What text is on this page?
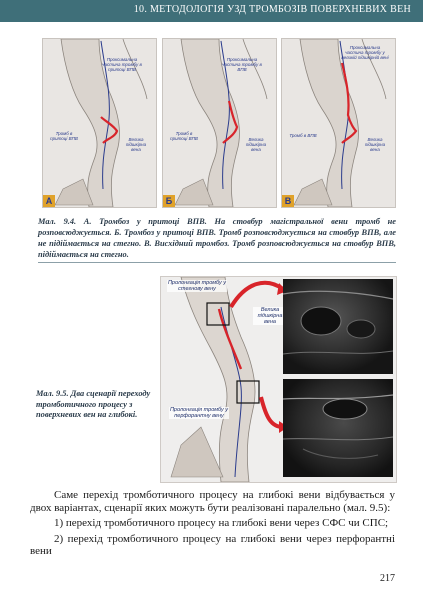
10. МЕТОДОЛОГІЯ УЗД ТРОМБОЗІВ ПОВЕРХНЕВИХ ВЕН
Проксимальна частина тромбу в притоці ВПВ
Тромб в притоці ВПВ	Велика підшкірна вена
А
Проксимальна частина тромбу в ВПВ
Тромб в притоці ВПВ	Велика підшкірна вена
Б
Проксимальна частина тромбу у великій підшкірній вені
Тромб в ВПВ
Велика підшкірна вена
В
Мал. 9.4. А. Тромбоз у притоці ВПВ. На стовбур магістральної вени тромб не розповсюджується. Б. Тромбоз у притоці ВПВ. Тромб розповсюджується на стовбур ВПВ, але не підіймається на стегно. В. Висхідний тромбоз. Тромб розповсюджується на стовбур ВПВ, підіймається на стегно.
Пролонгація тромбу у стегнову вену
Велика підшкірна вена
Пролонгація тромбу у перфорантну вену
Мал. 9.5. Два сценарії переходу тромботичного процесу з поверхневих вен на глибокі.

Саме перехід тромботичного процесу на глибокі вени відбувається у двох варіантах, сценарії яких можуть бути реалізовані паралельно (мал. 9.5):

1) перехід тромботичного процесу на глибокі вени через СФС чи СПС;

2) перехід тромботичного процесу на глибокі вени через перфорантні вени

217
